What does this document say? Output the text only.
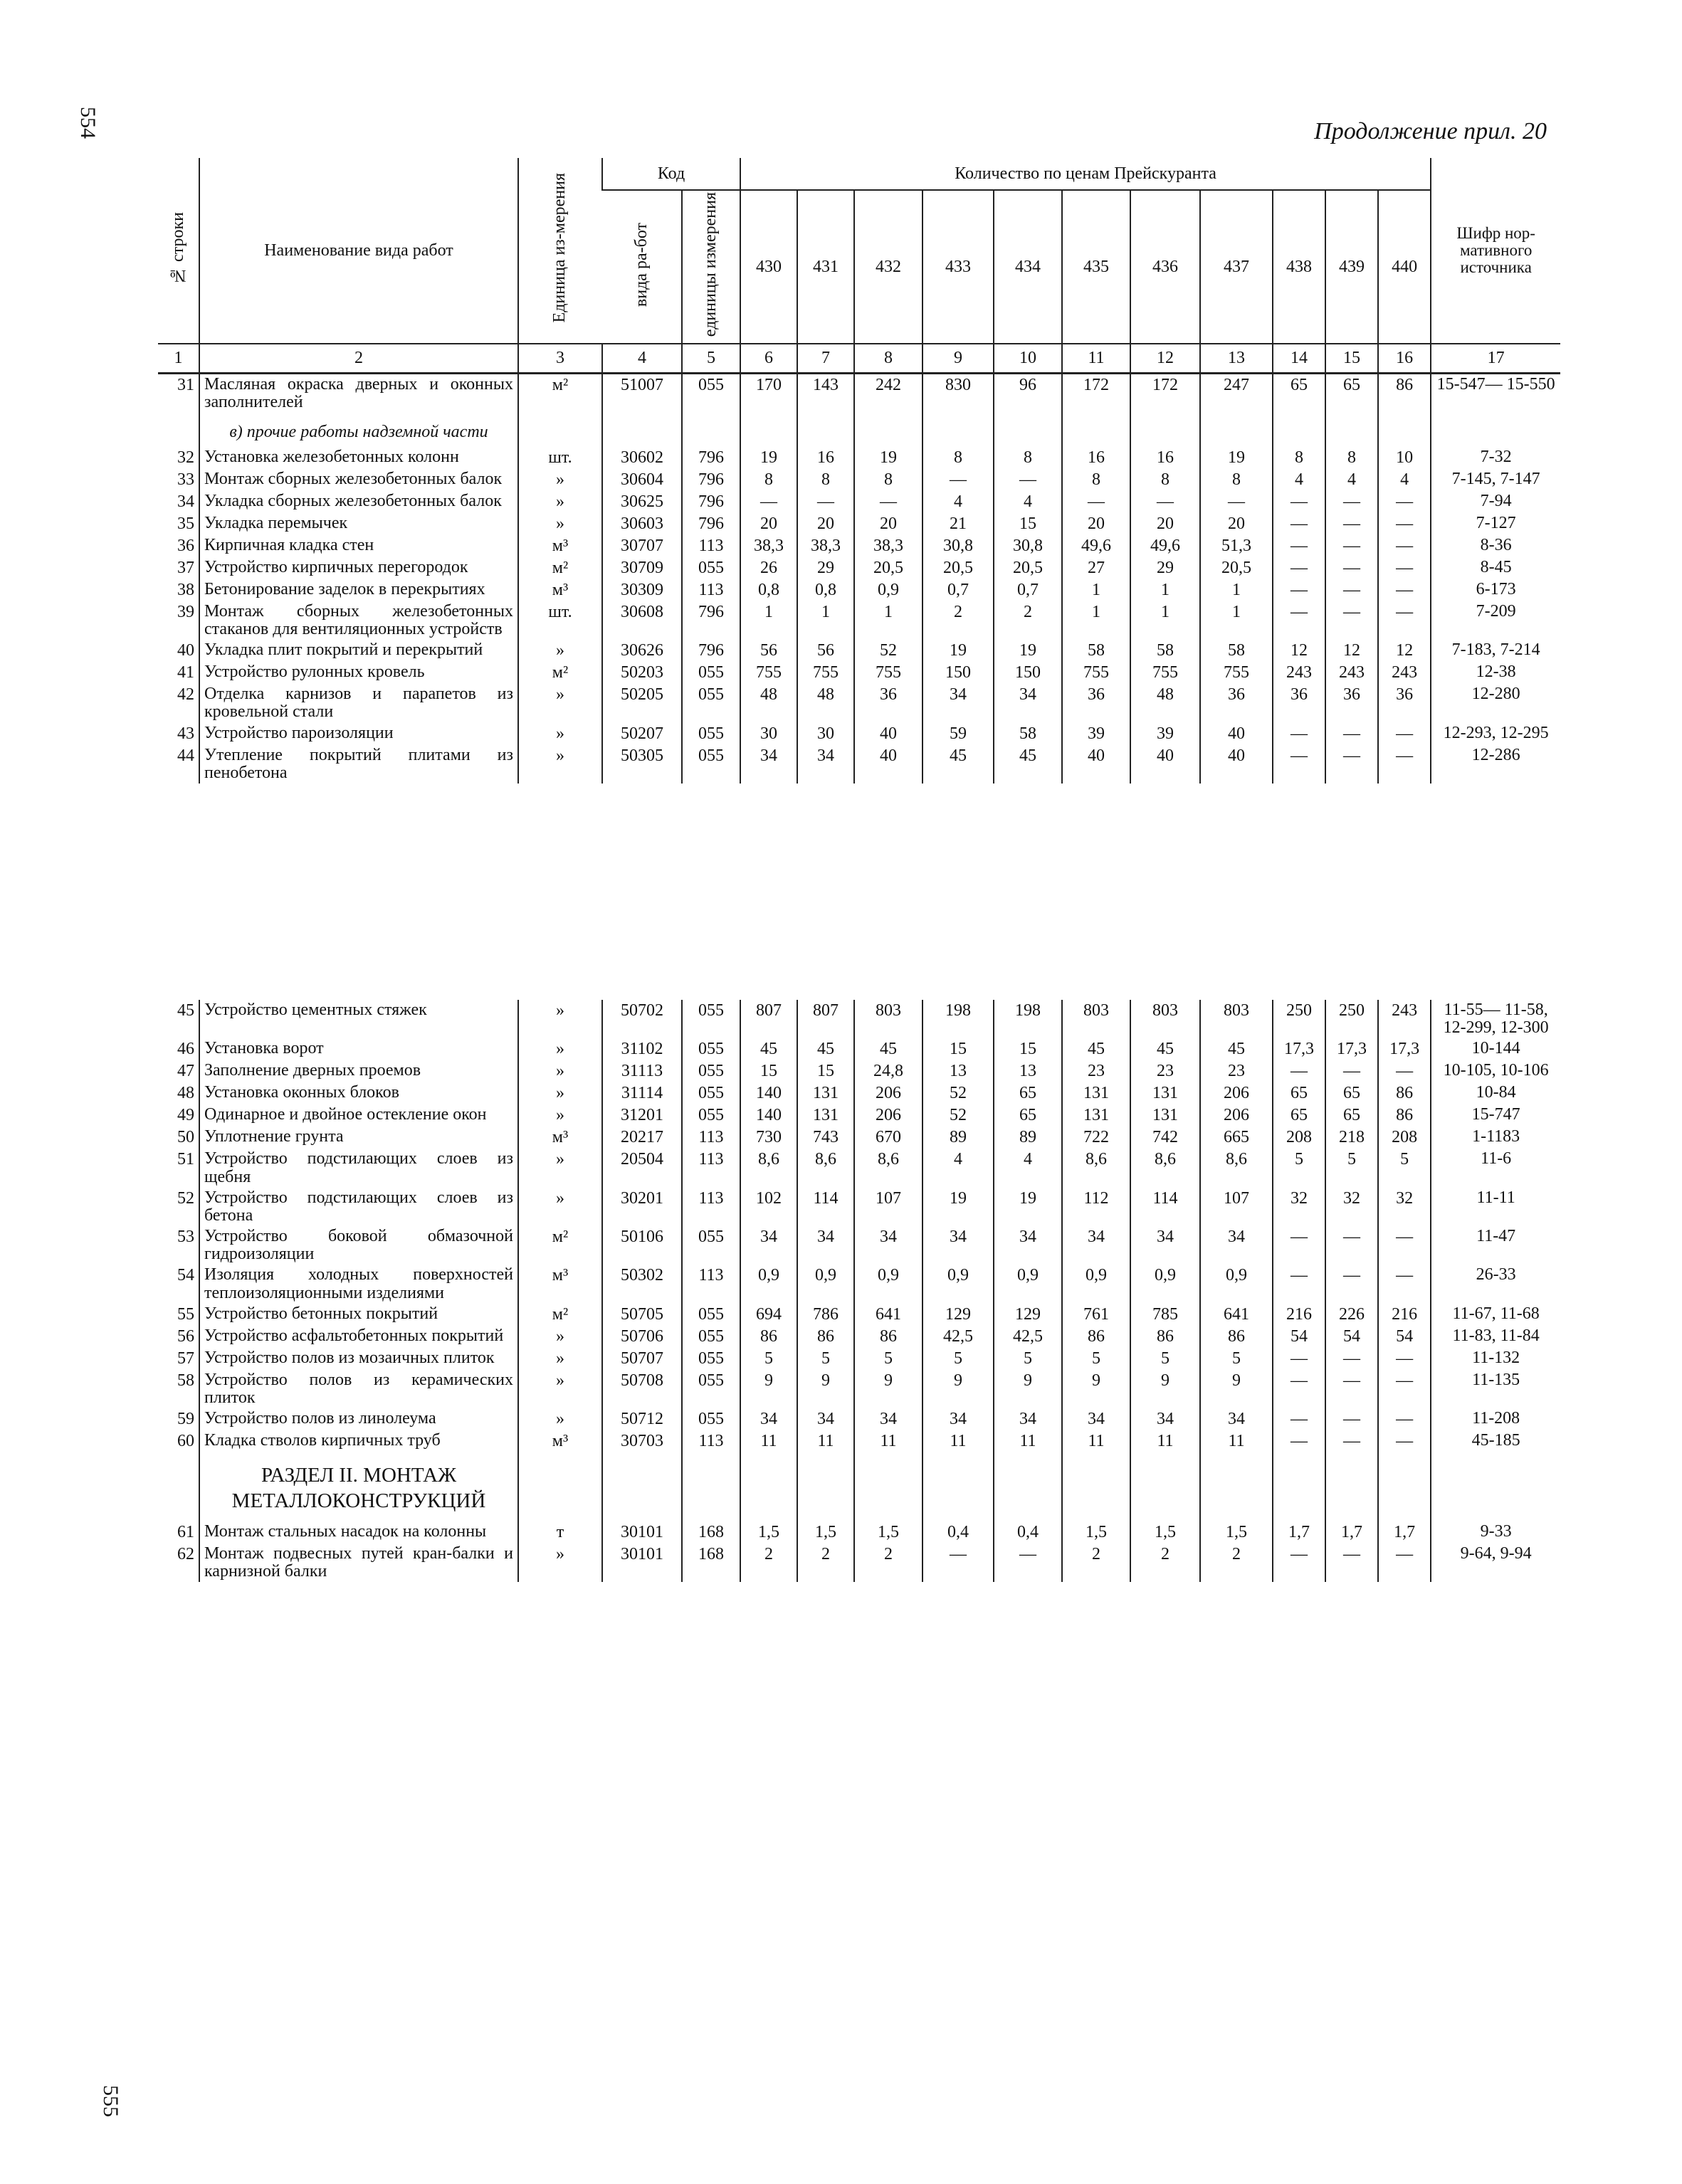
554	Продолжение прил. 20
№ строки	Наименование вида работ	Единица из-мерения	Код		Количество по ценам Прейскуранта											Шифр нор-мативного источника
			вида ра-бот	единицы измерения	430	431	432	433	434	435	436	437	438	439	440	
1	2	3	4	5	6	7	8	9	10	11	12	13	14	15	16	17
31	Масляная окраска дверных и оконных заполнителей	м²	51007	055	170	143	242	830	96	172	172	247	65	65	86	15-547— 15-550
	в) прочие работы надземной части															
32	Установка железобетонных колонн	шт.	30602	796	19	16	19	8	8	16	16	19	8	8	10	7-32
33	Монтаж сборных железобетонных балок	»	30604	796	8	8	8	—	—	8	8	8	4	4	4	7-145, 7-147
34	Укладка сборных железобетонных балок	»	30625	796	—	—	—	4	4	—	—	—	—	—	—	7-94
35	Укладка перемычек	»	30603	796	20	20	20	21	15	20	20	20	—	—	—	7-127
36	Кирпичная кладка стен	м³	30707	113	38,3	38,3	38,3	30,8	30,8	49,6	49,6	51,3	—	—	—	8-36
37	Устройство кирпичных перегородок	м²	30709	055	26	29	20,5	20,5	20,5	27	29	20,5	—	—	—	8-45
38	Бетонирование заделок в перекрытиях	м³	30309	113	0,8	0,8	0,9	0,7	0,7	1	1	1	—	—	—	6-173
39	Монтаж сборных железобетонных стаканов для вентиляционных устройств	шт.	30608	796	1	1	1	2	2	1	1	1	—	—	—	7-209
40	Укладка плит покрытий и перекрытий	»	30626	796	56	56	52	19	19	58	58	58	12	12	12	7-183, 7-214
41	Устройство рулонных кровель	м²	50203	055	755	755	755	150	150	755	755	755	243	243	243	12-38
42	Отделка карнизов и парапетов из кровельной стали	»	50205	055	48	48	36	34	34	36	48	36	36	36	36	12-280
43	Устройство пароизоляции	»	50207	055	30	30	40	59	58	39	39	40	—	—	—	12-293, 12-295
44	Утепление покрытий плитами из пенобетона	»	50305	055	34	34	40	45	45	40	40	40	—	—	—	12-286

45	Устройство цементных стяжек	»	50702	055	807	807	803	198	198	803	803	803	250	250	243	11-55— 11-58, 12-299, 12-300
46	Установка ворот	»	31102	055	45	45	45	15	15	45	45	45	17,3	17,3	17,3	10-144
47	Заполнение дверных проемов	»	31113	055	15	15	24,8	13	13	23	23	23	—	—	—	10-105, 10-106
48	Установка оконных блоков	»	31114	055	140	131	206	52	65	131	131	206	65	65	86	10-84
49	Одинарное и двойное остекление окон	»	31201	055	140	131	206	52	65	131	131	206	65	65	86	15-747
50	Уплотнение грунта	м³	20217	113	730	743	670	89	89	722	742	665	208	218	208	1-1183
51	Устройство подстилающих слоев из щебня	»	20504	113	8,6	8,6	8,6	4	4	8,6	8,6	8,6	5	5	5	11-6
52	Устройство подстилающих слоев из бетона	»	30201	113	102	114	107	19	19	112	114	107	32	32	32	11-11
53	Устройство боковой обмазочной гидроизоляции	м²	50106	055	34	34	34	34	34	34	34	34	—	—	—	11-47
54	Изоляция холодных поверхностей теплоизоляционными изделиями	м³	50302	113	0,9	0,9	0,9	0,9	0,9	0,9	0,9	0,9	—	—	—	26-33
55	Устройство бетонных покрытий	м²	50705	055	694	786	641	129	129	761	785	641	216	226	216	11-67, 11-68
56	Устройство асфальтобетонных покрытий	»	50706	055	86	86	86	42,5	42,5	86	86	86	54	54	54	11-83, 11-84
57	Устройство полов из мозаичных плиток	»	50707	055	5	5	5	5	5	5	5	5	—	—	—	11-132
58	Устройство полов из керамических плиток	»	50708	055	9	9	9	9	9	9	9	9	—	—	—	11-135
59	Устройство полов из линолеума	»	50712	055	34	34	34	34	34	34	34	34	—	—	—	11-208
60	Кладка стволов кирпичных труб	м³	30703	113	11	11	11	11	11	11	11	11	—	—	—	45-185
	РАЗДЕЛ II. МОНТАЖ МЕТАЛЛОКОНСТРУКЦИЙ															
61	Монтаж стальных насадок на колонны	т	30101	168	1,5	1,5	1,5	0,4	0,4	1,5	1,5	1,5	1,7	1,7	1,7	9-33
62	Монтаж подвесных путей кран-балки и карнизной балки	»	30101	168	2	2	2	—	—	2	2	2	—	—	—	9-64, 9-94
555
